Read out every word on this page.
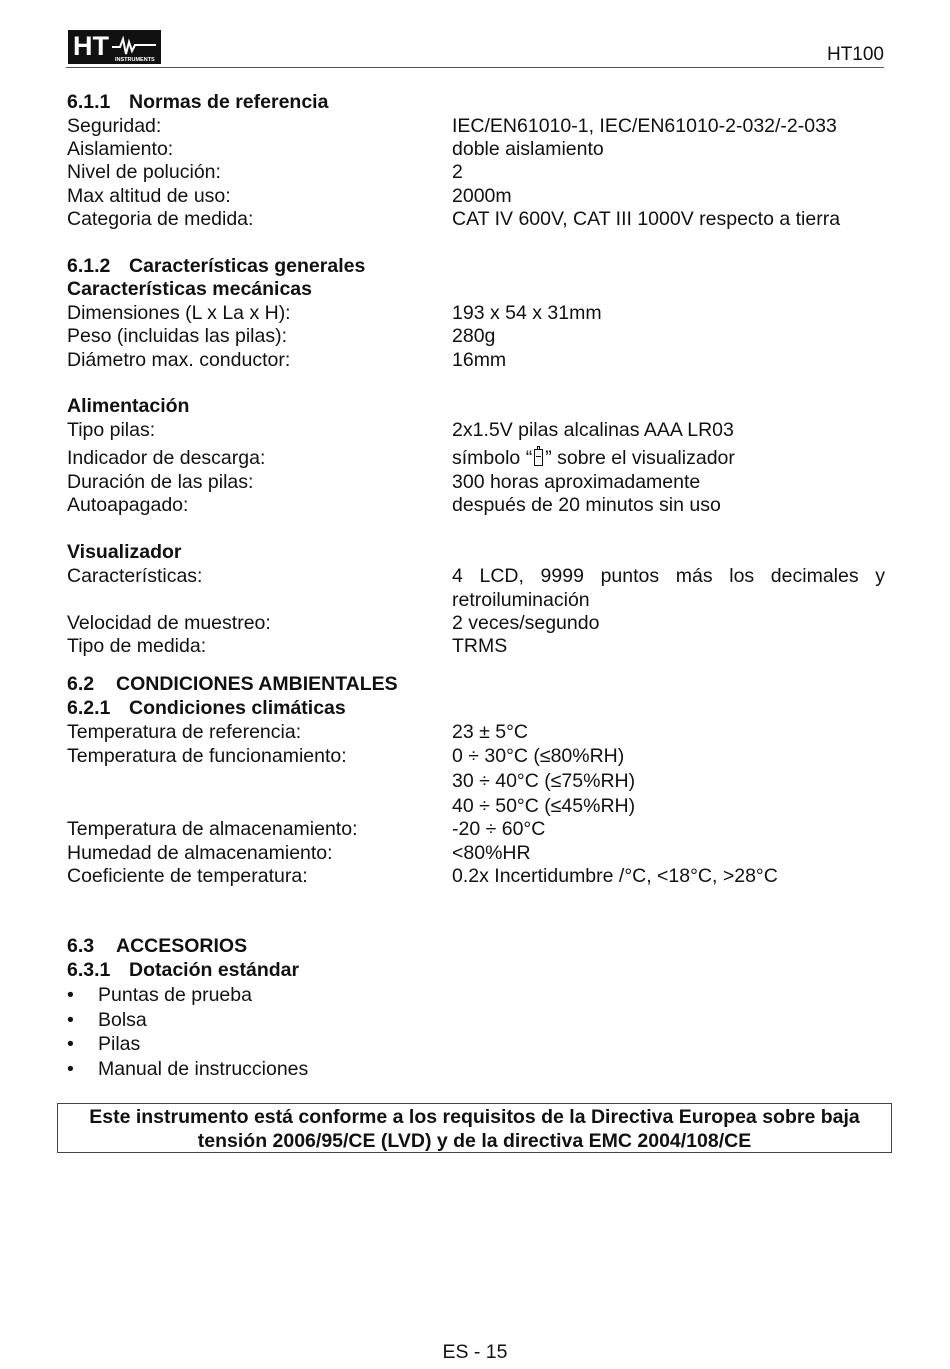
HT INSTRUMENTS	HT100
6.1.1 Normas de referencia
Seguridad:	IEC/EN61010-1, IEC/EN61010-2-032/-2-033
Aislamiento:	doble aislamiento
Nivel de polución:	2
Max altitud de uso:	2000m
Categoria de medida:	CAT IV 600V, CAT III 1000V respecto a tierra
6.1.2 Características generales
Características mecánicas
Dimensiones (L x La x H):	193 x 54 x 31mm
Peso (incluidas las pilas):	280g
Diámetro max. conductor:	16mm
Alimentación
Tipo pilas:	2x1.5V pilas alcalinas AAA LR03
Indicador de descarga:	símbolo “ ” sobre el visualizador
Duración de las pilas:	300 horas aproximadamente
Autoapagado:	después de 20 minutos sin uso
Visualizador
Características:	4 LCD, 9999 puntos más los decimales y
retroiluminación
Velocidad de muestreo:	2 veces/segundo
Tipo de medida:	TRMS
6.2 CONDICIONES AMBIENTALES
6.2.1 Condiciones climáticas
Temperatura de referencia:	23 ± 5°C
Temperatura de funcionamiento:	0 ÷ 30°C (≤80%RH)
30 ÷ 40°C (≤75%RH)
40 ÷ 50°C (≤45%RH)
Temperatura de almacenamiento:	-20 ÷ 60°C
Humedad de almacenamiento:	<80%HR
Coeficiente de temperatura:	0.2x Incertidumbre /°C, <18°C, >28°C
6.3 ACCESORIOS
6.3.1 Dotación estándar
• Puntas de prueba
• Bolsa
• Pilas
• Manual de instrucciones
Este instrumento está conforme a los requisitos de la Directiva Europea sobre baja
tensión 2006/95/CE (LVD) y de la directiva EMC 2004/108/CE
ES - 15
